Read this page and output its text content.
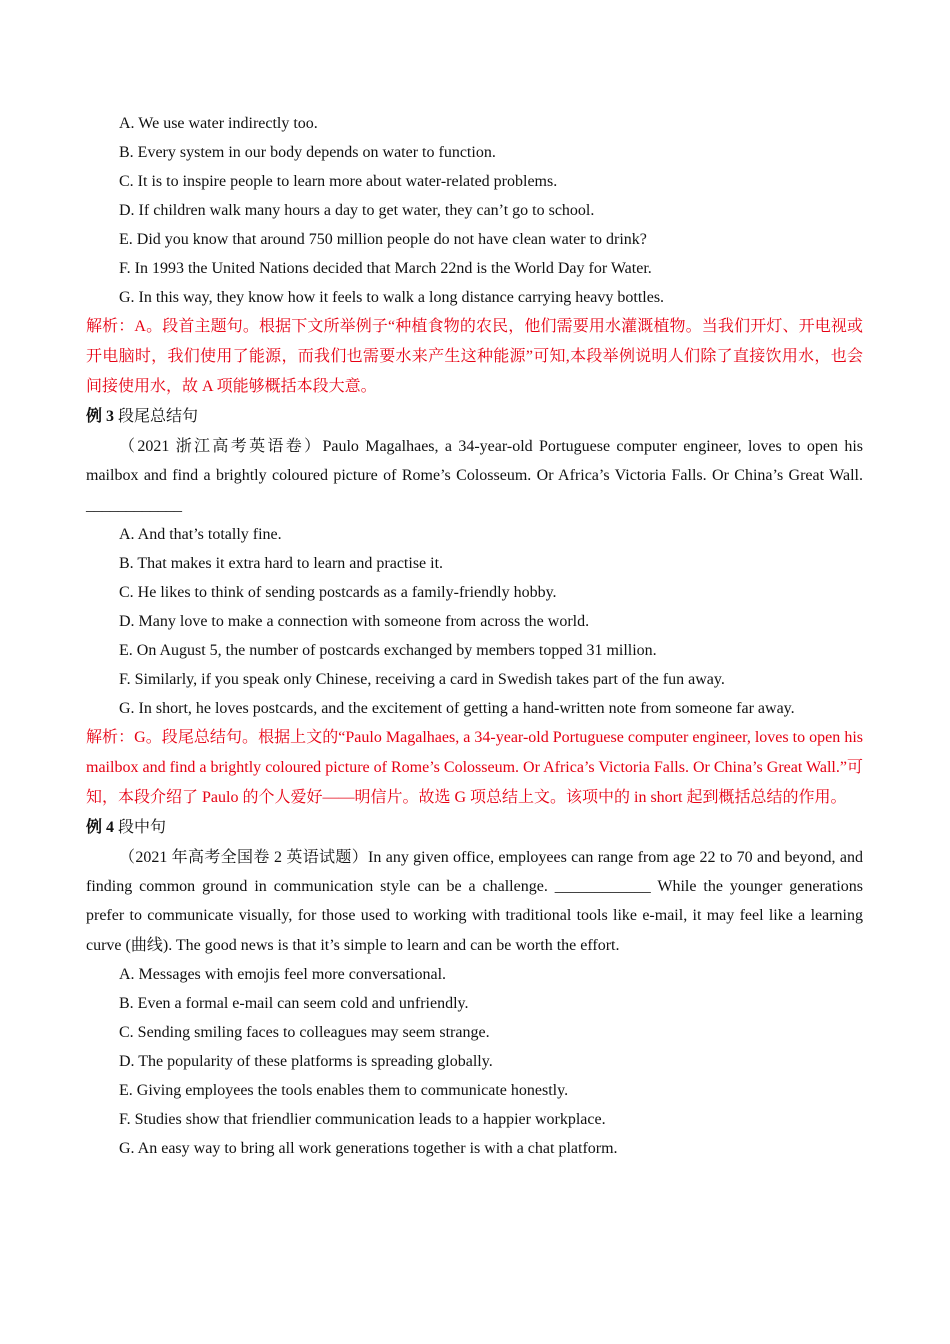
A. We use water indirectly too.
B. Every system in our body depends on water to function.
C. It is to inspire people to learn more about water-related problems.
D. If children walk many hours a day to get water, they can’t go to school.
E. Did you know that around 750 million people do not have clean water to drink?
F. In 1993 the United Nations decided that March 22nd is the World Day for Water.
G. In this way, they know how it feels to walk a long distance carrying heavy bottles.

解析：A。段首主题句。根据下文所举例子“种植食物的农民，他们需要用水灌溉植物。当我们开灯、开电视或开电脑时，我们使用了能源，而我们也需要水来产生这种能源”可知,本段举例说明人们除了直接饮用水，也会间接使用水，故 A 项能够概括本段大意。

例 3 段尾总结句

（2021 浙江高考英语卷）Paulo Magalhaes, a 34-year-old Portuguese computer engineer, loves to open his mailbox and find a brightly coloured picture of Rome’s Colosseum. Or Africa’s Victoria Falls. Or China’s Great Wall. ____________

A. And that’s totally fine.
B. That makes it extra hard to learn and practise it.
C. He likes to think of sending postcards as a family-friendly hobby.
D. Many love to make a connection with someone from across the world.
E. On August 5, the number of postcards exchanged by members topped 31 million.
F. Similarly, if you speak only Chinese, receiving a card in Swedish takes part of the fun away.
G. In short, he loves postcards, and the excitement of getting a hand-written note from someone far away.

解析：G。段尾总结句。根据上文的“Paulo Magalhaes, a 34-year-old Portuguese computer engineer, loves to open his mailbox and find a brightly coloured picture of Rome’s Colosseum. Or Africa’s Victoria Falls. Or China’s Great Wall.”可知，本段介绍了 Paulo 的个人爱好——明信片。故选 G 项总结上文。该项中的 in short 起到概括总结的作用。

例 4 段中句

（2021 年高考全国卷 2 英语试题）In any given office, employees can range from age 22 to 70 and beyond, and finding common ground in communication style can be a challenge. ____________ While the younger generations prefer to communicate visually, for those used to working with traditional tools like e-mail, it may feel like a learning curve (曲线). The good news is that it’s simple to learn and can be worth the effort.

A. Messages with emojis feel more conversational.
B. Even a formal e-mail can seem cold and unfriendly.
C. Sending smiling faces to colleagues may seem strange.
D. The popularity of these platforms is spreading globally.
E. Giving employees the tools enables them to communicate honestly.
F. Studies show that friendlier communication leads to a happier workplace.
G. An easy way to bring all work generations together is with a chat platform.
